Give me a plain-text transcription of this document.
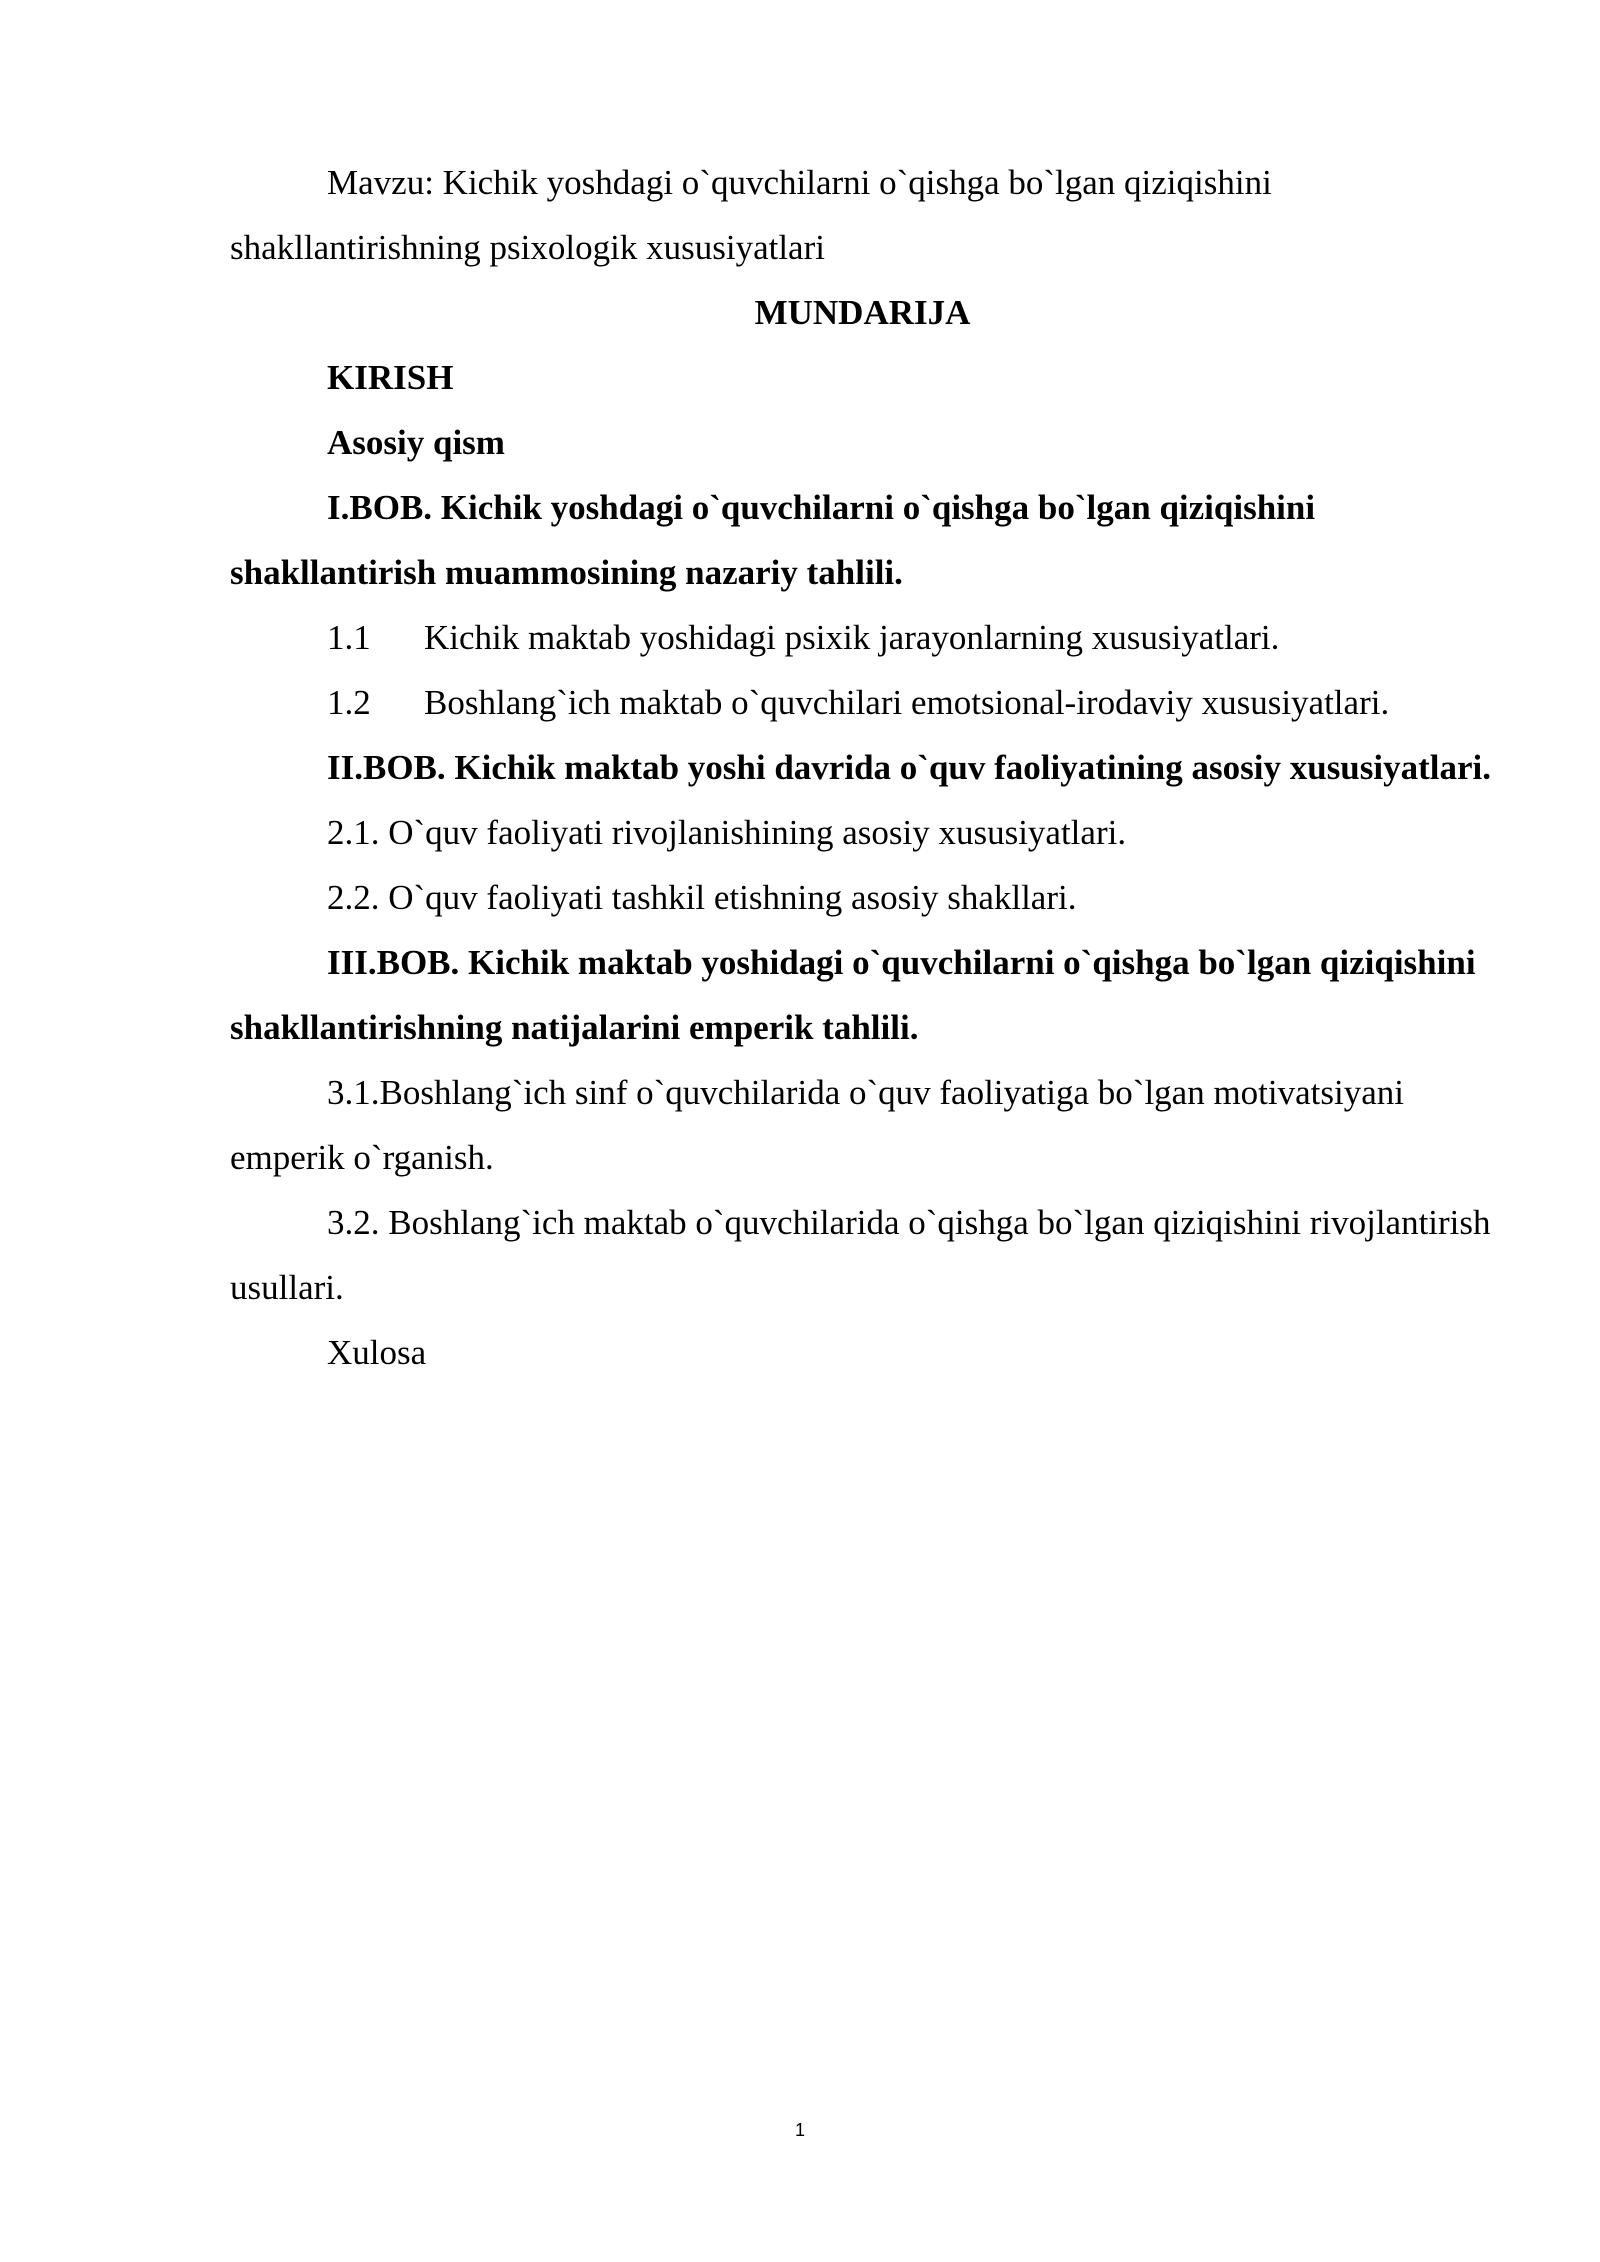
Mavzu: Kichik yoshdagi o`quvchilarni o`qishga bo`lgan qiziqishini shakllantirishning psixologik xususiyatlari

MUNDARIJA

KIRISH

Asosiy qism

I.BOB. Kichik yoshdagi o`quvchilarni o`qishga bo`lgan qiziqishini shakllantirish muammosining nazariy tahlili.

1.1	Kichik maktab yoshidagi psixik jarayonlarning xususiyatlari.
1.2	Boshlang`ich maktab o`quvchilari emotsional-irodaviy xususiyatlari.

II.BOB. Kichik maktab yoshi davrida o`quv faoliyatining asosiy xususiyatlari.

2.1. O`quv faoliyati rivojlanishining asosiy xususiyatlari.

2.2. O`quv faoliyati tashkil etishning asosiy shakllari.

III.BOB. Kichik maktab yoshidagi o`quvchilarni o`qishga bo`lgan qiziqishini shakllantirishning natijalarini emperik tahlili.

3.1.Boshlang`ich sinf o`quvchilarida o`quv faoliyatiga bo`lgan motivatsiyani emperik o`rganish.

3.2. Boshlang`ich maktab o`quvchilarida o`qishga bo`lgan qiziqishini rivojlantirish usullari.

Xulosa

1
